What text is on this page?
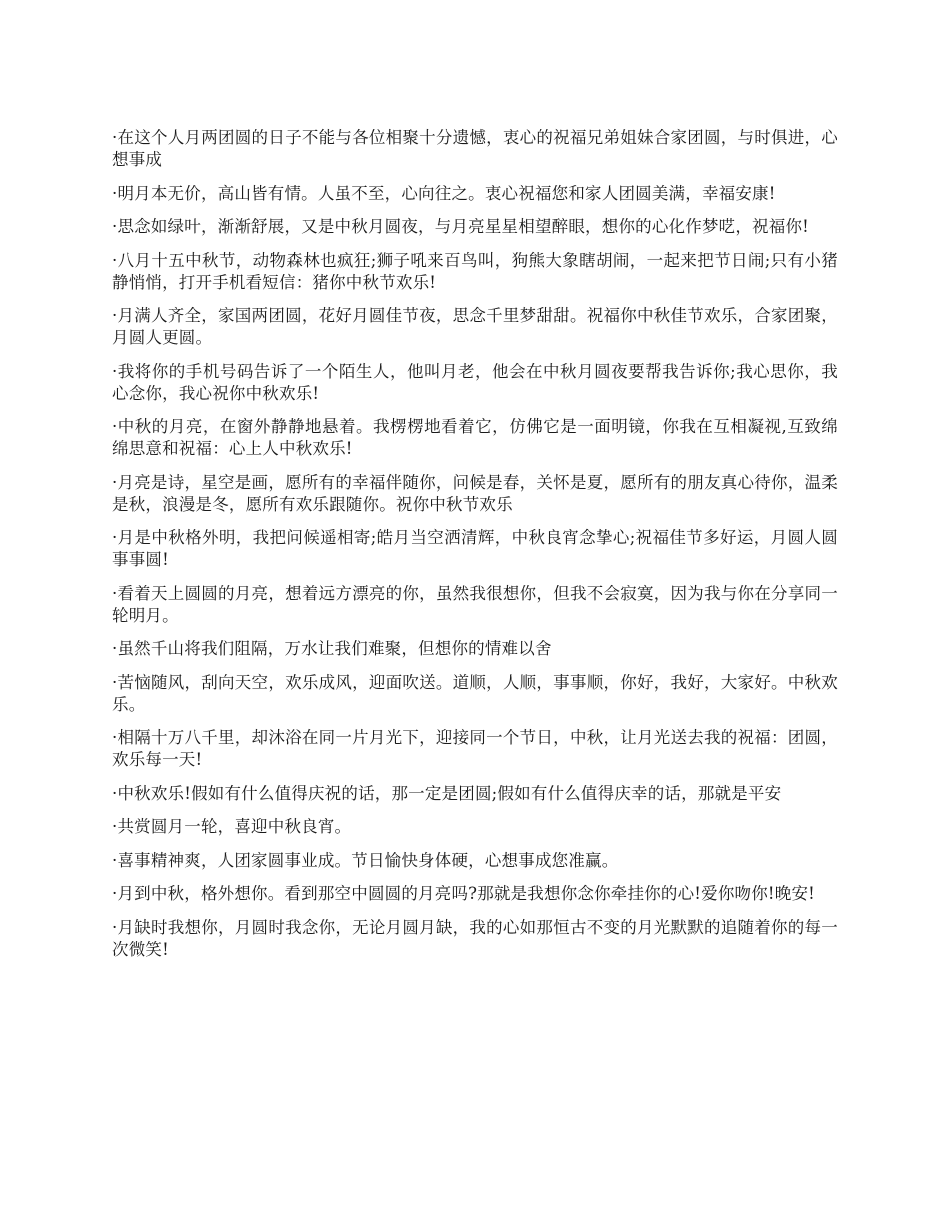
·在这个人月两团圆的日子不能与各位相聚十分遗憾，衷心的祝福兄弟姐妹合家团圆，与时俱进，心想事成

·明月本无价，高山皆有情。人虽不至，心向往之。衷心祝福您和家人团圆美满，幸福安康!

·思念如绿叶，渐渐舒展，又是中秋月圆夜，与月亮星星相望醉眼，想你的心化作梦呓，祝福你!

·八月十五中秋节，动物森林也疯狂;狮子吼来百鸟叫，狗熊大象瞎胡闹，一起来把节日闹;只有小猪静悄悄，打开手机看短信：猪你中秋节欢乐!

·月满人齐全，家国两团圆，花好月圆佳节夜，思念千里梦甜甜。祝福你中秋佳节欢乐，合家团聚，月圆人更圆。

·我将你的手机号码告诉了一个陌生人，他叫月老，他会在中秋月圆夜要帮我告诉你;我心思你，我心念你，我心祝你中秋欢乐!

·中秋的月亮，在窗外静静地悬着。我楞楞地看着它，仿佛它是一面明镜，你我在互相凝视,互致绵绵思意和祝福：心上人中秋欢乐!

·月亮是诗，星空是画，愿所有的幸福伴随你，问候是春，关怀是夏，愿所有的朋友真心待你，温柔是秋，浪漫是冬，愿所有欢乐跟随你。祝你中秋节欢乐

·月是中秋格外明，我把问候遥相寄;皓月当空洒清辉，中秋良宵念挚心;祝福佳节多好运，月圆人圆事事圆!

·看着天上圆圆的月亮，想着远方漂亮的你，虽然我很想你，但我不会寂寞，因为我与你在分享同一轮明月。

·虽然千山将我们阻隔，万水让我们难聚，但想你的情难以舍

·苦恼随风，刮向天空，欢乐成风，迎面吹送。道顺，人顺，事事顺，你好，我好，大家好。中秋欢乐。

·相隔十万八千里，却沐浴在同一片月光下，迎接同一个节日，中秋，让月光送去我的祝福：团圆，欢乐每一天!

·中秋欢乐!假如有什么值得庆祝的话，那一定是团圆;假如有什么值得庆幸的话，那就是平安

·共赏圆月一轮，喜迎中秋良宵。

·喜事精神爽，人团家圆事业成。节日愉快身体硬，心想事成您准赢。

·月到中秋，格外想你。看到那空中圆圆的月亮吗?那就是我想你念你牵挂你的心!爱你吻你!晚安!

·月缺时我想你，月圆时我念你，无论月圆月缺，我的心如那恒古不变的月光默默的追随着你的每一次微笑!
